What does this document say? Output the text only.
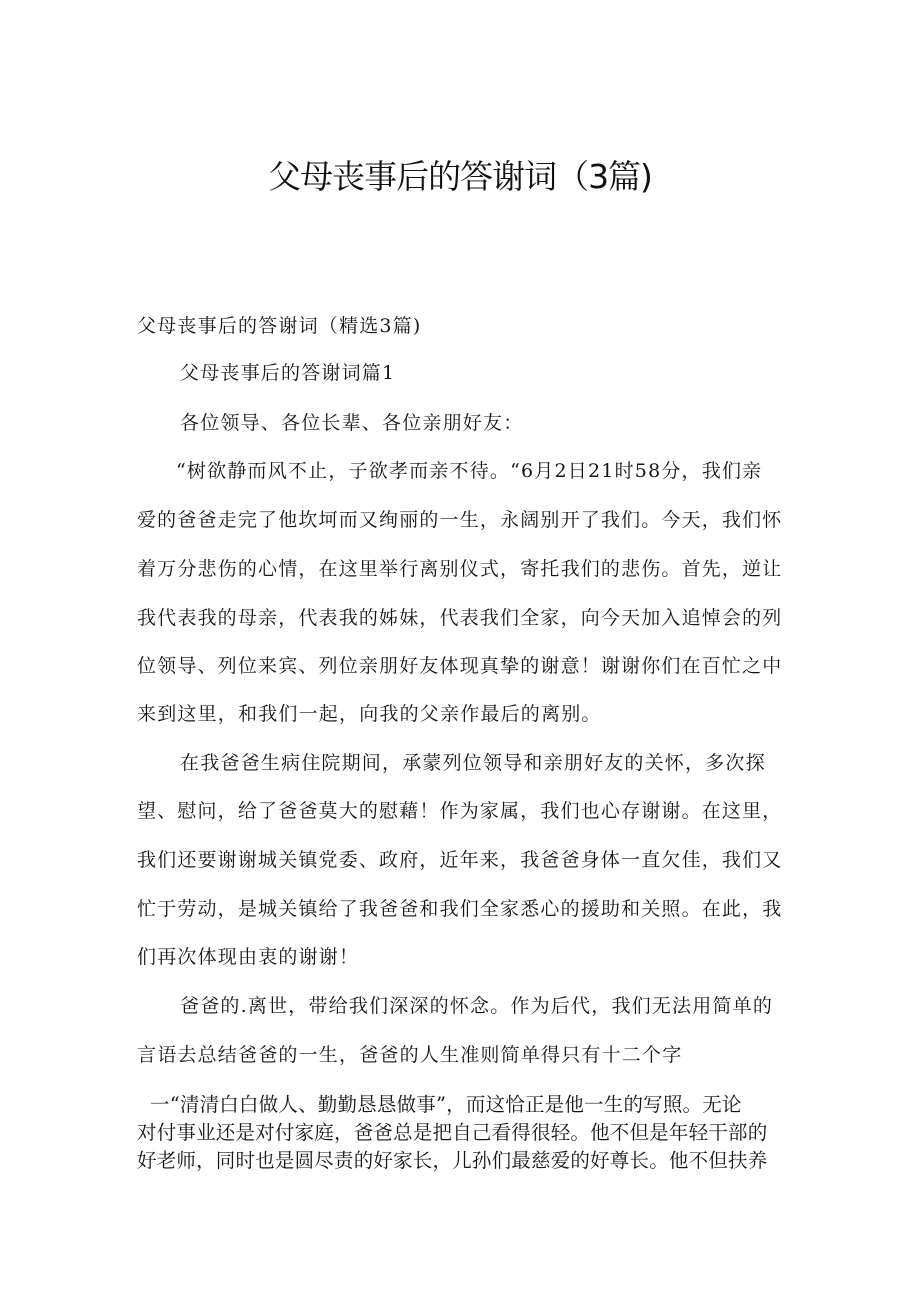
父母丧事后的答谢词（3篇)
父母丧事后的答谢词（精选3篇)
父母丧事后的答谢词篇1
各位领导、各位长辈、各位亲朋好友：
“树欲静而风不止，子欲孝而亲不待。“6月2日21时58分，我们亲
爱的爸爸走完了他坎坷而又绚丽的一生，永阔别开了我们。今天，我们怀
着万分悲伤的心情，在这里举行离别仪式，寄托我们的悲伤。首先，逆让
我代表我的母亲，代表我的姊妹，代表我们全家，向今天加入追悼会的列
位领导、列位来宾、列位亲朋好友体现真挚的谢意！谢谢你们在百忙之中
来到这里，和我们一起，向我的父亲作最后的离别。
在我爸爸生病住院期间，承蒙列位领导和亲朋好友的关怀，多次探
望、慰问，给了爸爸莫大的慰藉！作为家属，我们也心存谢谢。在这里，
我们还要谢谢城关镇党委、政府，近年来，我爸爸身体一直欠佳，我们又
忙于劳动，是城关镇给了我爸爸和我们全家悉心的援助和关照。在此，我
们再次体现由衷的谢谢！
爸爸的.离世，带给我们深深的怀念。作为后代，我们无法用简单的
言语去总结爸爸的一生，爸爸的人生准则简单得只有十二个字
一“清清白白做人、勤勤恳恳做事”，而这恰正是他一生的写照。无论
对付事业还是对付家庭，爸爸总是把自己看得很轻。他不但是年轻干部的
好老师，同时也是圆尽责的好家长，儿孙们最慈爱的好尊长。他不但扶养
